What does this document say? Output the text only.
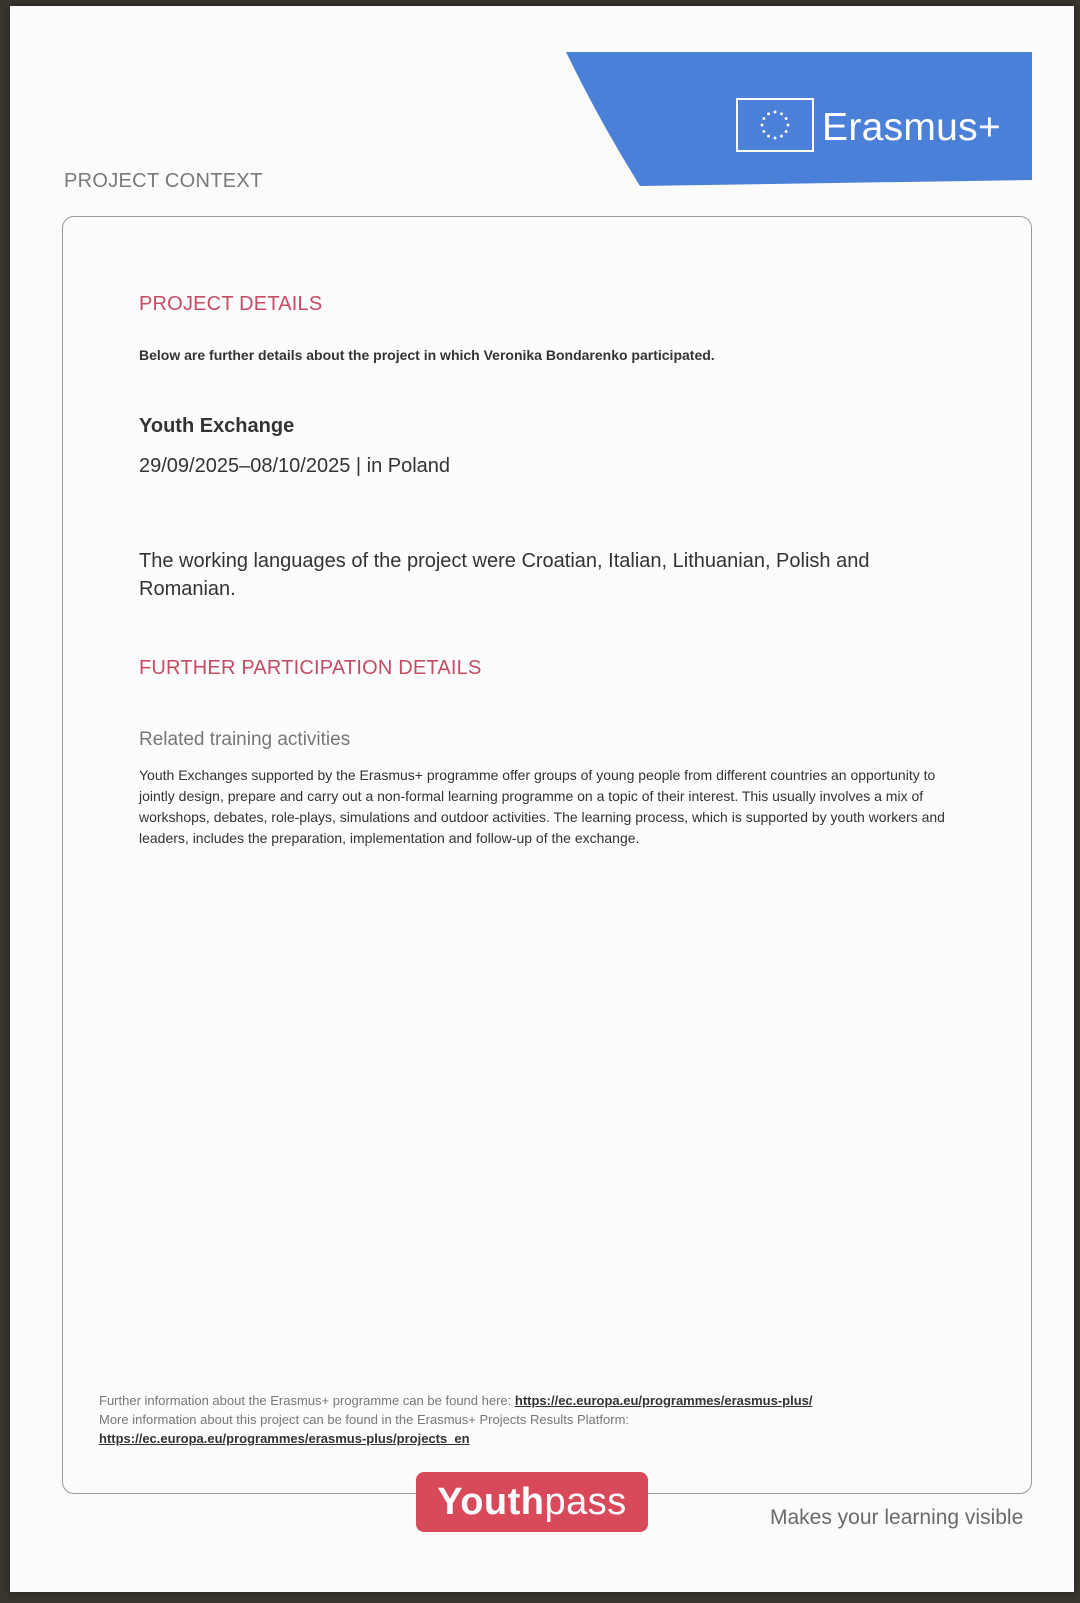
Erasmus+
PROJECT CONTEXT
PROJECT DETAILS
Below are further details about the project in which Veronika Bondarenko participated.
Youth Exchange
29/09/2025–08/10/2025 | in Poland
The working languages of the project were Croatian, Italian, Lithuanian, Polish and Romanian.
FURTHER PARTICIPATION DETAILS
Related training activities
Youth Exchanges supported by the Erasmus+ programme offer groups of young people from different countries an opportunity to jointly design, prepare and carry out a non-formal learning programme on a topic of their interest. This usually involves a mix of workshops, debates, role-plays, simulations and outdoor activities. The learning process, which is supported by youth workers and leaders, includes the preparation, implementation and follow-up of the exchange.
Further information about the Erasmus+ programme can be found here: https://ec.europa.eu/programmes/erasmus-plus/
More information about this project can be found in the Erasmus+ Projects Results Platform:
https://ec.europa.eu/programmes/erasmus-plus/projects_en
Youthpass	Makes your learning visible
